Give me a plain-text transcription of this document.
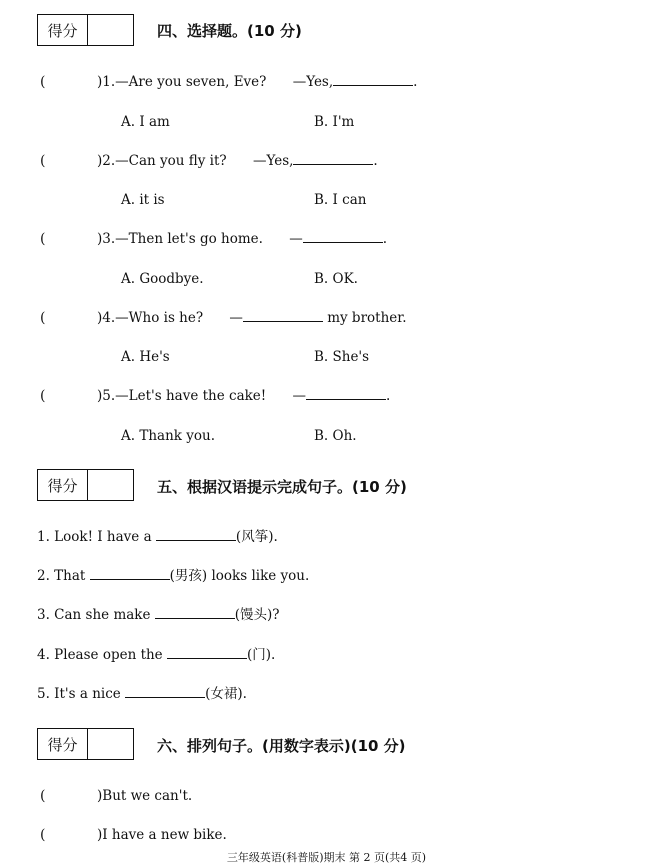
得分	四、选择题。(10 分)
(	)1.—Are you seven, Eve? —Yes,	.
A. I am	B. I'm
(	)2.—Can you fly it? —Yes,	.
A. it is	B. I can
(	)3.—Then let's go home. —	.
A. Goodbye.	B. OK.
(	)4.—Who is he? —	my brother.
A. He's	B. She's
(	)5.—Let's have the cake! —	.
A. Thank you.	B. Oh.
得分	五、根据汉语提示完成句子。(10 分)
1. Look! I have a	(风筝).
2. That	(男孩) looks like you.
3. Can she make	(馒头)?
4. Please open the	(门).
5. It's a nice	(女裙).
得分	六、排列句子。(用数字表示)(10 分)
(	)But we can't.
(	)I have a new bike.
三年级英语(科普版)期末 第 2 页(共4 页)
